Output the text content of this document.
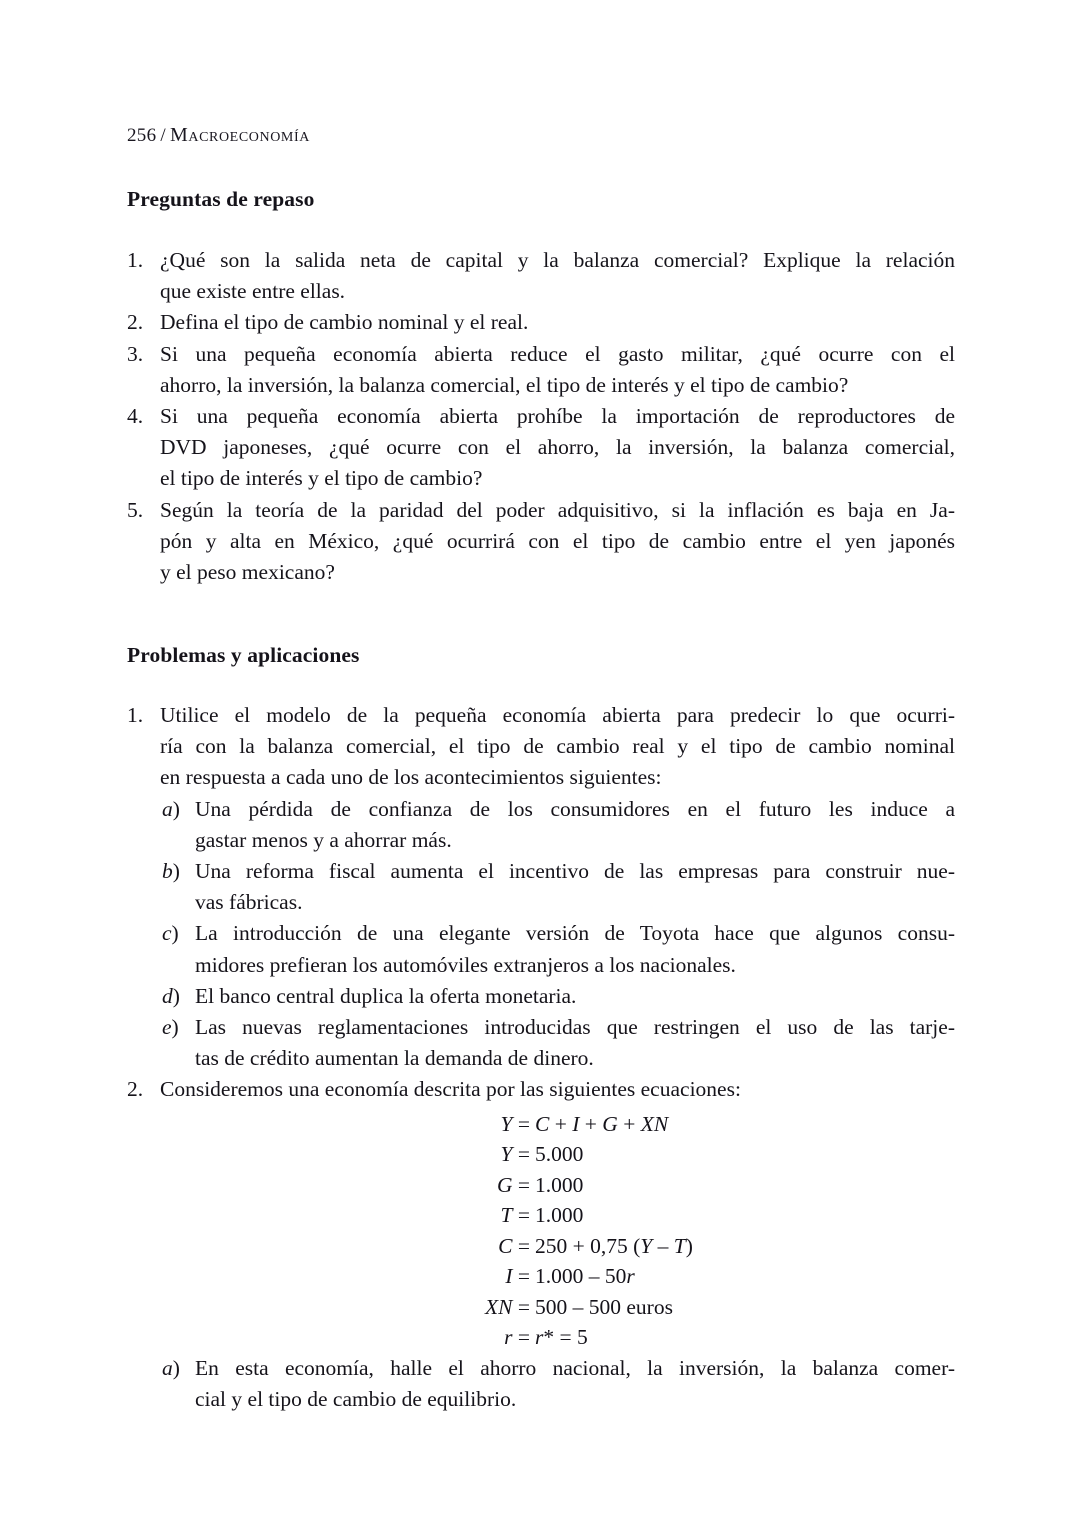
256 / Macroeconomía
Preguntas de repaso
1. ¿Qué son la salida neta de capital y la balanza comercial? Explique la relación
que existe entre ellas.
2. Defina el tipo de cambio nominal y el real.
3. Si una pequeña economía abierta reduce el gasto militar, ¿qué ocurre con el
ahorro, la inversión, la balanza comercial, el tipo de interés y el tipo de cambio?
4. Si una pequeña economía abierta prohíbe la importación de reproductores de
DVD japoneses, ¿qué ocurre con el ahorro, la inversión, la balanza comercial,
el tipo de interés y el tipo de cambio?
5. Según la teoría de la paridad del poder adquisitivo, si la inflación es baja en Ja-
pón y alta en México, ¿qué ocurrirá con el tipo de cambio entre el yen japonés
y el peso mexicano?
Problemas y aplicaciones
1. Utilice el modelo de la pequeña economía abierta para predecir lo que ocurri-
ría con la balanza comercial, el tipo de cambio real y el tipo de cambio nominal
en respuesta a cada uno de los acontecimientos siguientes:
a) Una pérdida de confianza de los consumidores en el futuro les induce a
gastar menos y a ahorrar más.
b) Una reforma fiscal aumenta el incentivo de las empresas para construir nue-
vas fábricas.
c) La introducción de una elegante versión de Toyota hace que algunos consu-
midores prefieran los automóviles extranjeros a los nacionales.
d) El banco central duplica la oferta monetaria.
e) Las nuevas reglamentaciones introducidas que restringen el uso de las tarje-
tas de crédito aumentan la demanda de dinero.
2. Consideremos una economía descrita por las siguientes ecuaciones:
Y = C + I + G + XN
Y = 5.000
G = 1.000
T = 1.000
C = 250 + 0,75 (Y – T)
I = 1.000 – 50r
XN = 500 – 500 euros
r = r* = 5
a) En esta economía, halle el ahorro nacional, la inversión, la balanza comer-
cial y el tipo de cambio de equilibrio.
